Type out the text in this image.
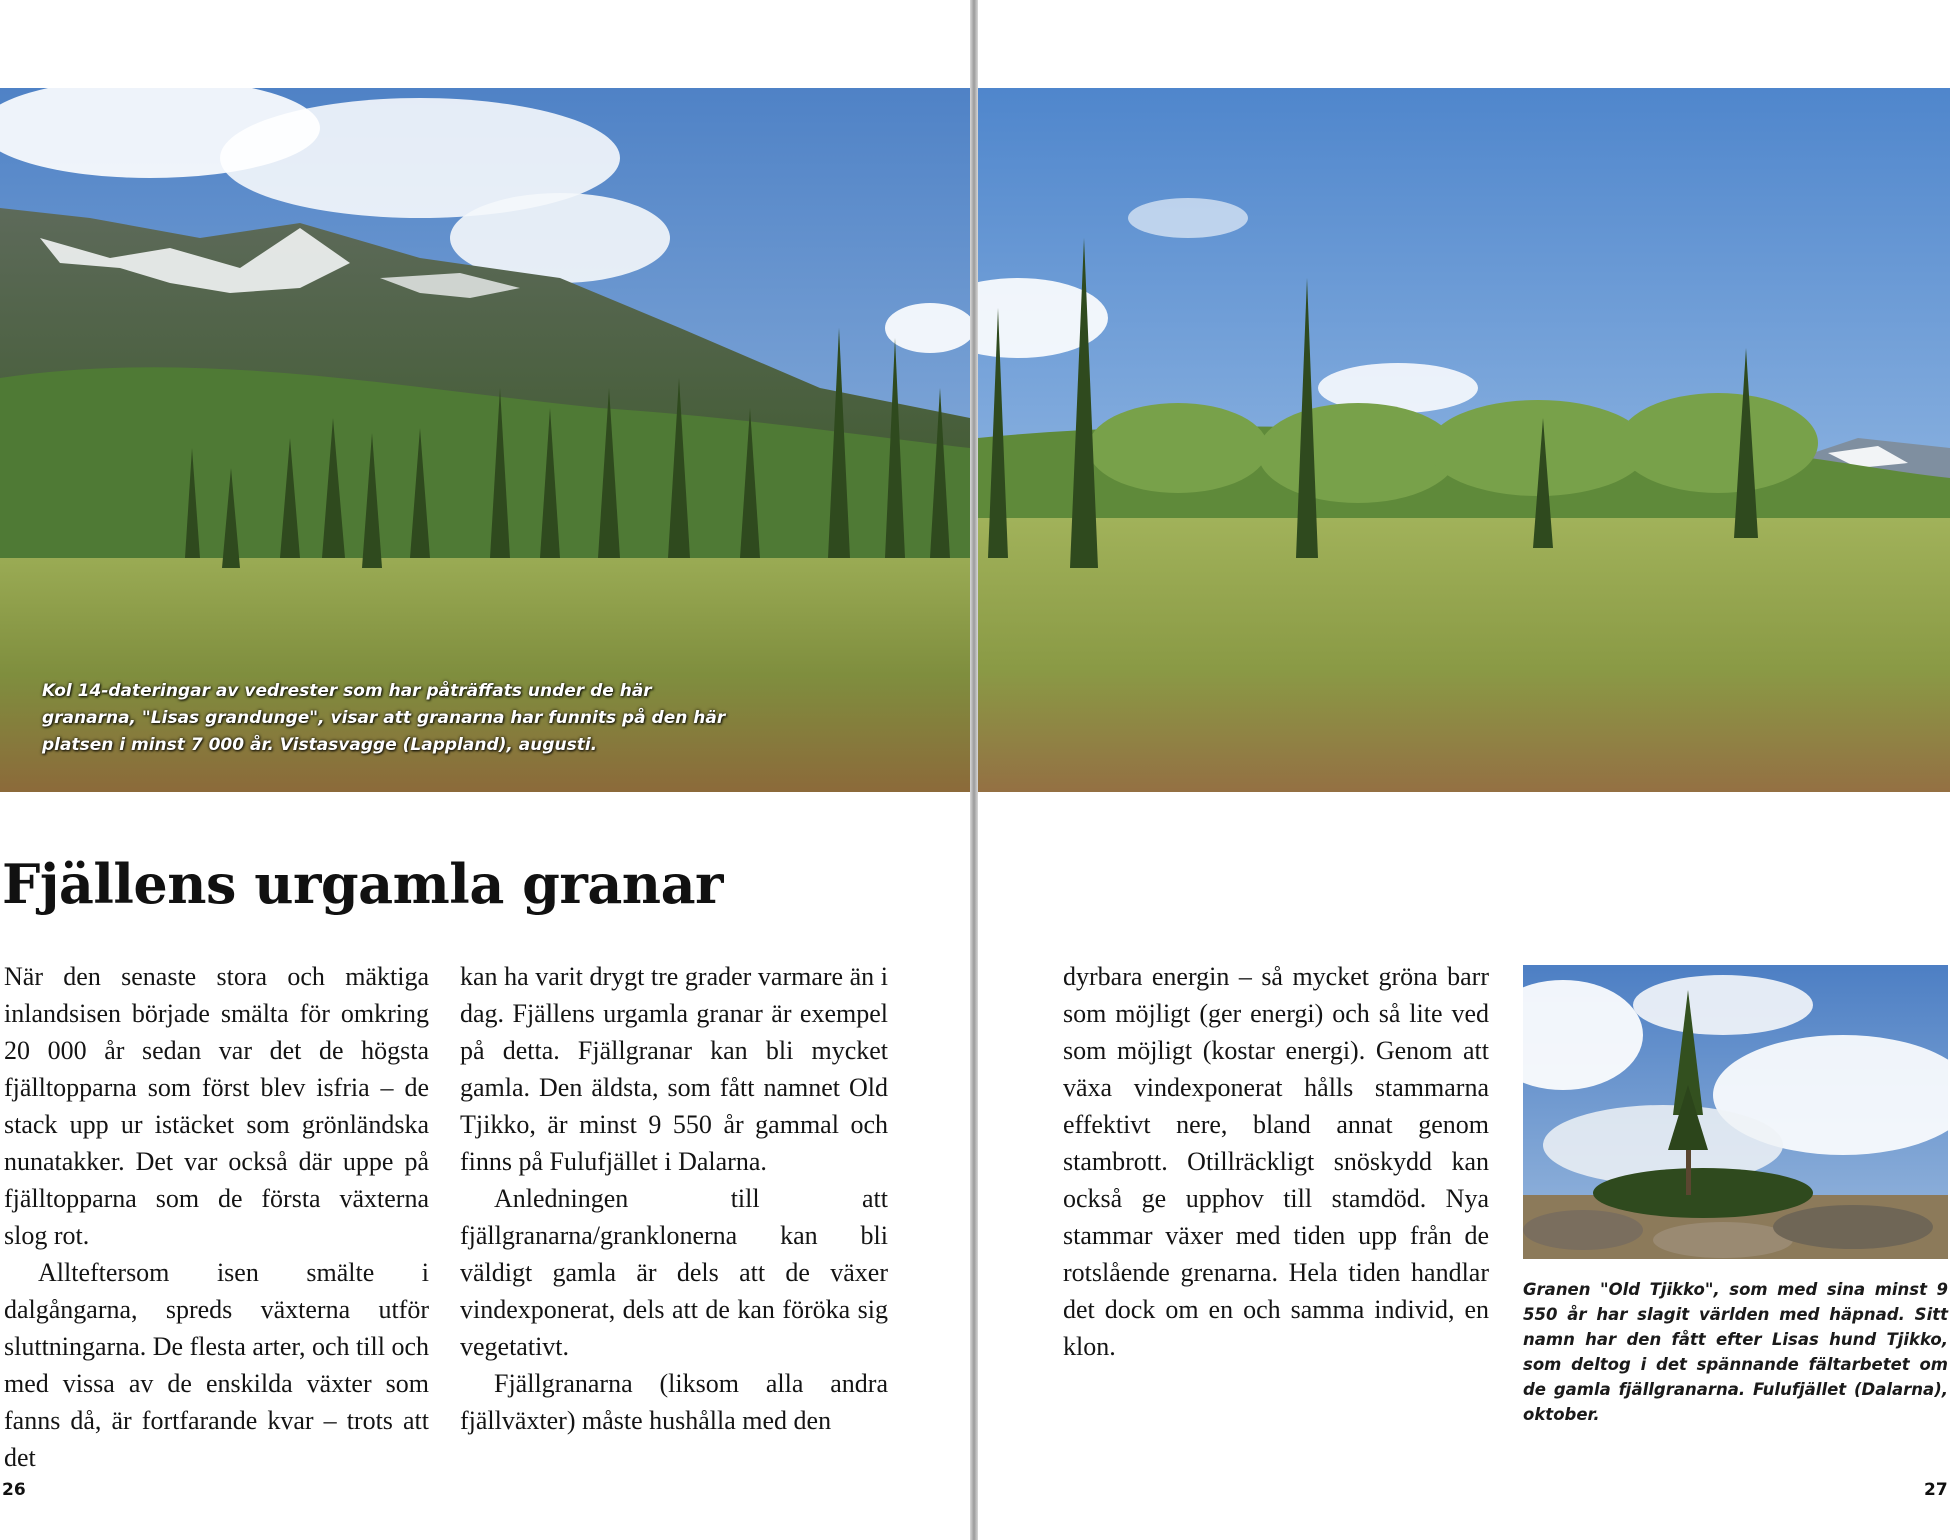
Kol 14-dateringar av vedrester som har påträffats under de här granarna, "Lisas grandunge", visar att granarna har funnits på den här platsen i minst 7 000 år. Vistasvagge (Lappland), augusti.
Fjällens urgamla granar

När den senaste stora och mäktiga inlandsisen började smälta för omkring 20 000 år sedan var det de högsta fjälltopparna som först blev isfria – de stack upp ur istäcket som grönländska nunatakker. Det var också där uppe på fjälltopparna som de första växterna slog rot.

Allteftersom isen smälte i dalgångarna, spreds växterna utför sluttningarna. De flesta arter, och till och med vissa av de enskilda växter som fanns då, är fortfarande kvar – trots att det

kan ha varit drygt tre grader varmare än i dag. Fjällens urgamla granar är exempel på detta. Fjällgranar kan bli mycket gamla. Den äldsta, som fått namnet Old Tjikko, är minst 9 550 år gammal och finns på Fulufjället i Dalarna.

Anledningen till att fjällgranarna/granklonerna kan bli väldigt gamla är dels att de växer vindexponerat, dels att de kan föröka sig vegetativt.

Fjällgranarna (liksom alla andra fjällväxter) måste hushålla med den

dyrbara energin – så mycket gröna barr som möjligt (ger energi) och så lite ved som möjligt (kostar energi). Genom att växa vindexponerat hålls stammarna effektivt nere, bland annat genom stambrott. Otillräckligt snöskydd kan också ge upphov till stamdöd. Nya stammar växer med tiden upp från de rotslående grenarna. Hela tiden handlar det dock om en och samma individ, en klon.

Granen "Old Tjikko", som med sina minst 9 550 år har slagit världen med häpnad. Sitt namn har den fått efter Lisas hund Tjikko, som deltog i det spännande fältarbetet om de gamla fjällgranarna. Fulufjället (Dalarna), oktober.
26	27
